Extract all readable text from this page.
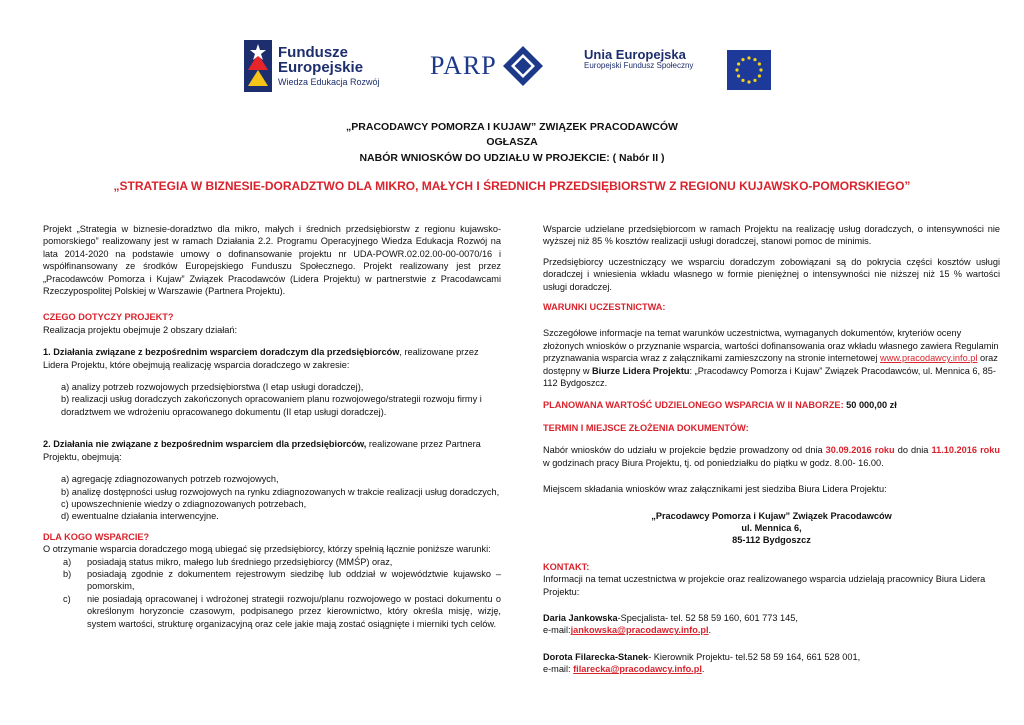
Fundusze
Europejskie
Wiedza Edukacja Rozwój
PARP	Unia Europejska
Europejski Fundusz Społeczny
„PRACODAWCY POMORZA I KUJAW” ZWIĄZEK PRACODAWCÓW
OGŁASZA
NABÓR WNIOSKÓW DO UDZIAŁU W PROJEKCIE: ( Nabór II )
„STRATEGIA W BIZNESIE-DORADZTWO DLA MIKRO, MAŁYCH I ŚREDNICH PRZEDSIĘBIORSTW Z REGIONU KUJAWSKO-POMORSKIEGO”

Projekt „Strategia w biznesie-doradztwo dla mikro, małych i średnich przedsiębiorstw z regionu kujawsko-pomorskiego” realizowany jest w ramach Działania 2.2. Programu Operacyjnego Wiedza Edukacja Rozwój na lata 2014-2020 na podstawie umowy o dofinansowanie projektu nr UDA-POWR.02.02.00-00-0070/16 i współfinansowany ze środków Europejskiego Funduszu Społecznego. Projekt realizowany jest przez „Pracodawców Pomorza i Kujaw” Związek Pracodawców (Lidera Projektu) w partnerstwie z Pracodawcami Rzeczypospolitej Polskiej w Warszawie (Partnera Projektu).

CZEGO DOTYCZY PROJEKT?

Realizacja projektu obejmuje 2 obszary działań:

1. Działania związane z bezpośrednim wsparciem doradczym dla przedsiębiorców, realizowane przez Lidera Projektu, które obejmują realizację wsparcia doradczego w zakresie:

a) analizy potrzeb rozwojowych przedsiębiorstwa (I etap usługi doradczej),

b) realizacji usług doradczych zakończonych opracowaniem planu rozwojowego/strategii rozwoju firmy i doradztwem we wdrożeniu opracowanego dokumentu (II etap usługi doradczej).

2. Działania nie związane z bezpośrednim wsparciem dla przedsiębiorców, realizowane przez Partnera Projektu, obejmują:

a) agregację zdiagnozowanych potrzeb rozwojowych,

b) analizę dostępności usług rozwojowych na rynku zdiagnozowanych w trakcie realizacji usług doradczych,

c) upowszechnienie wiedzy o zdiagnozowanych potrzebach,

d) ewentualne działania interwencyjne.

DLA KOGO WSPARCIE?

O otrzymanie wsparcia doradczego mogą ubiegać się przedsiębiorcy, którzy spełnią łącznie poniższe warunki:

a)	posiadają status mikro, małego lub średniego przedsiębiorcy (MMŚP) oraz,
b)	posiadają zgodnie z dokumentem rejestrowym siedzibę lub oddział w województwie kujawsko –pomorskim,
c)	nie posiadają opracowanej i wdrożonej strategii rozwoju/planu rozwojowego w postaci dokumentu o określonym horyzoncie czasowym, podpisanego przez kierownictwo, który określa misję, wizję, system wartości, strukturę organizacyjną oraz cele jakie mają zostać osiągnięte i mierniki tych celów.

Wsparcie udzielane przedsiębiorcom w ramach Projektu na realizację usług doradczych, o intensywności nie wyższej niż 85 % kosztów realizacji usługi doradczej, stanowi pomoc de minimis.

Przedsiębiorcy uczestniczący we wsparciu doradczym zobowiązani są do pokrycia części kosztów usługi doradczej i wniesienia wkładu własnego w formie pieniężnej o intensywności nie niższej niż 15 % wartości usługi doradczej.

WARUNKI UCZESTNICTWA:

Szczegółowe informacje na temat warunków uczestnictwa, wymaganych dokumentów, kryteriów oceny złożonych wniosków o przyznanie wsparcia, wartości dofinansowania oraz wkładu własnego zawiera Regulamin przyznawania wsparcia wraz z załącznikami zamieszczony na stronie internetowej www.pracodawcy.info.pl oraz dostępny w Biurze Lidera Projektu: „Pracodawcy Pomorza i Kujaw” Związek Pracodawców, ul. Mennica 6, 85-112 Bydgoszcz.

PLANOWANA WARTOŚĆ UDZIELONEGO WSPARCIA W II NABORZE: 50 000,00 zł

TERMIN I MIEJSCE ZŁOŻENIA DOKUMENTÓW:

Nabór wniosków do udziału w projekcie będzie prowadzony od dnia 30.09.2016 roku do dnia 11.10.2016 roku w godzinach pracy Biura Projektu, tj. od poniedziałku do piątku w godz. 8.00- 16.00.

Miejscem składania wniosków wraz załącznikami jest siedziba Biura Lidera Projektu:

„Pracodawcy Pomorza i Kujaw” Związek Pracodawców

ul. Mennica 6,

85-112 Bydgoszcz

KONTAKT:

Informacji na temat uczestnictwa w projekcie oraz realizowanego wsparcia udzielają pracownicy Biura Lidera Projektu:

Daria Jankowska-Specjalista- tel. 52 58 59 160, 601 773 145,

e-mail:jankowska@pracodawcy.info.pl.

Dorota Filarecka-Stanek- Kierownik Projektu- tel.52 58 59 164, 661 528 001,

e-mail: filarecka@pracodawcy.info.pl.
